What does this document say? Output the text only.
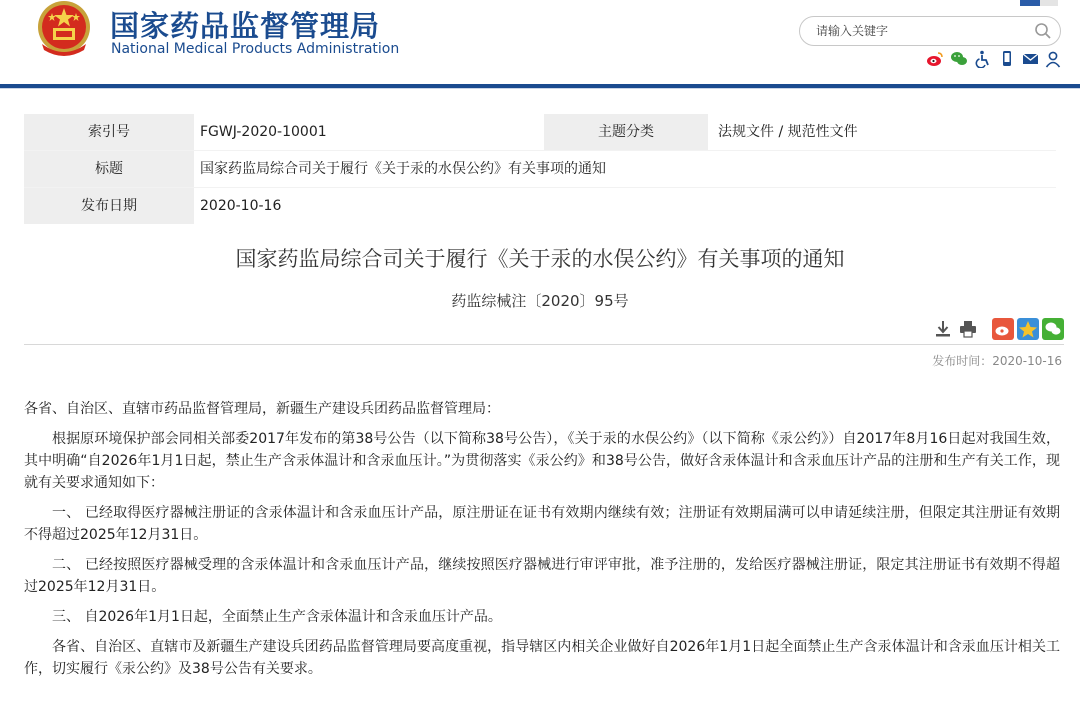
国家药品监督管理局
National Medical Products Administration
请输入关键字
索引号	FGWJ-2020-10001	主题分类	法规文件 / 规范性文件
标题	国家药监局综合司关于履行《关于汞的水俣公约》有关事项的通知
发布日期	2020-10-16
国家药监局综合司关于履行《关于汞的水俣公约》有关事项的通知
药监综械注〔2020〕95号
发布时间：2020-10-16

各省、自治区、直辖市药品监督管理局，新疆生产建设兵团药品监督管理局：

根据原环境保护部会同相关部委2017年发布的第38号公告（以下简称38号公告），《关于汞的水俣公约》（以下简称《汞公约》）自2017年8月16日起对我国生效，其中明确“自2026年1月1日起，禁止生产含汞体温计和含汞血压计。”为贯彻落实《汞公约》和38号公告，做好含汞体温计和含汞血压计产品的注册和生产有关工作，现就有关要求通知如下：

一、 已经取得医疗器械注册证的含汞体温计和含汞血压计产品，原注册证在证书有效期内继续有效；注册证有效期届满可以申请延续注册，但限定其注册证有效期不得超过2025年12月31日。

二、 已经按照医疗器械受理的含汞体温计和含汞血压计产品，继续按照医疗器械进行审评审批，准予注册的，发给医疗器械注册证，限定其注册证书有效期不得超过2025年12月31日。

三、 自2026年1月1日起，全面禁止生产含汞体温计和含汞血压计产品。

各省、自治区、直辖市及新疆生产建设兵团药品监督管理局要高度重视，指导辖区内相关企业做好自2026年1月1日起全面禁止生产含汞体温计和含汞血压计相关工作，切实履行《汞公约》及38号公告有关要求。
